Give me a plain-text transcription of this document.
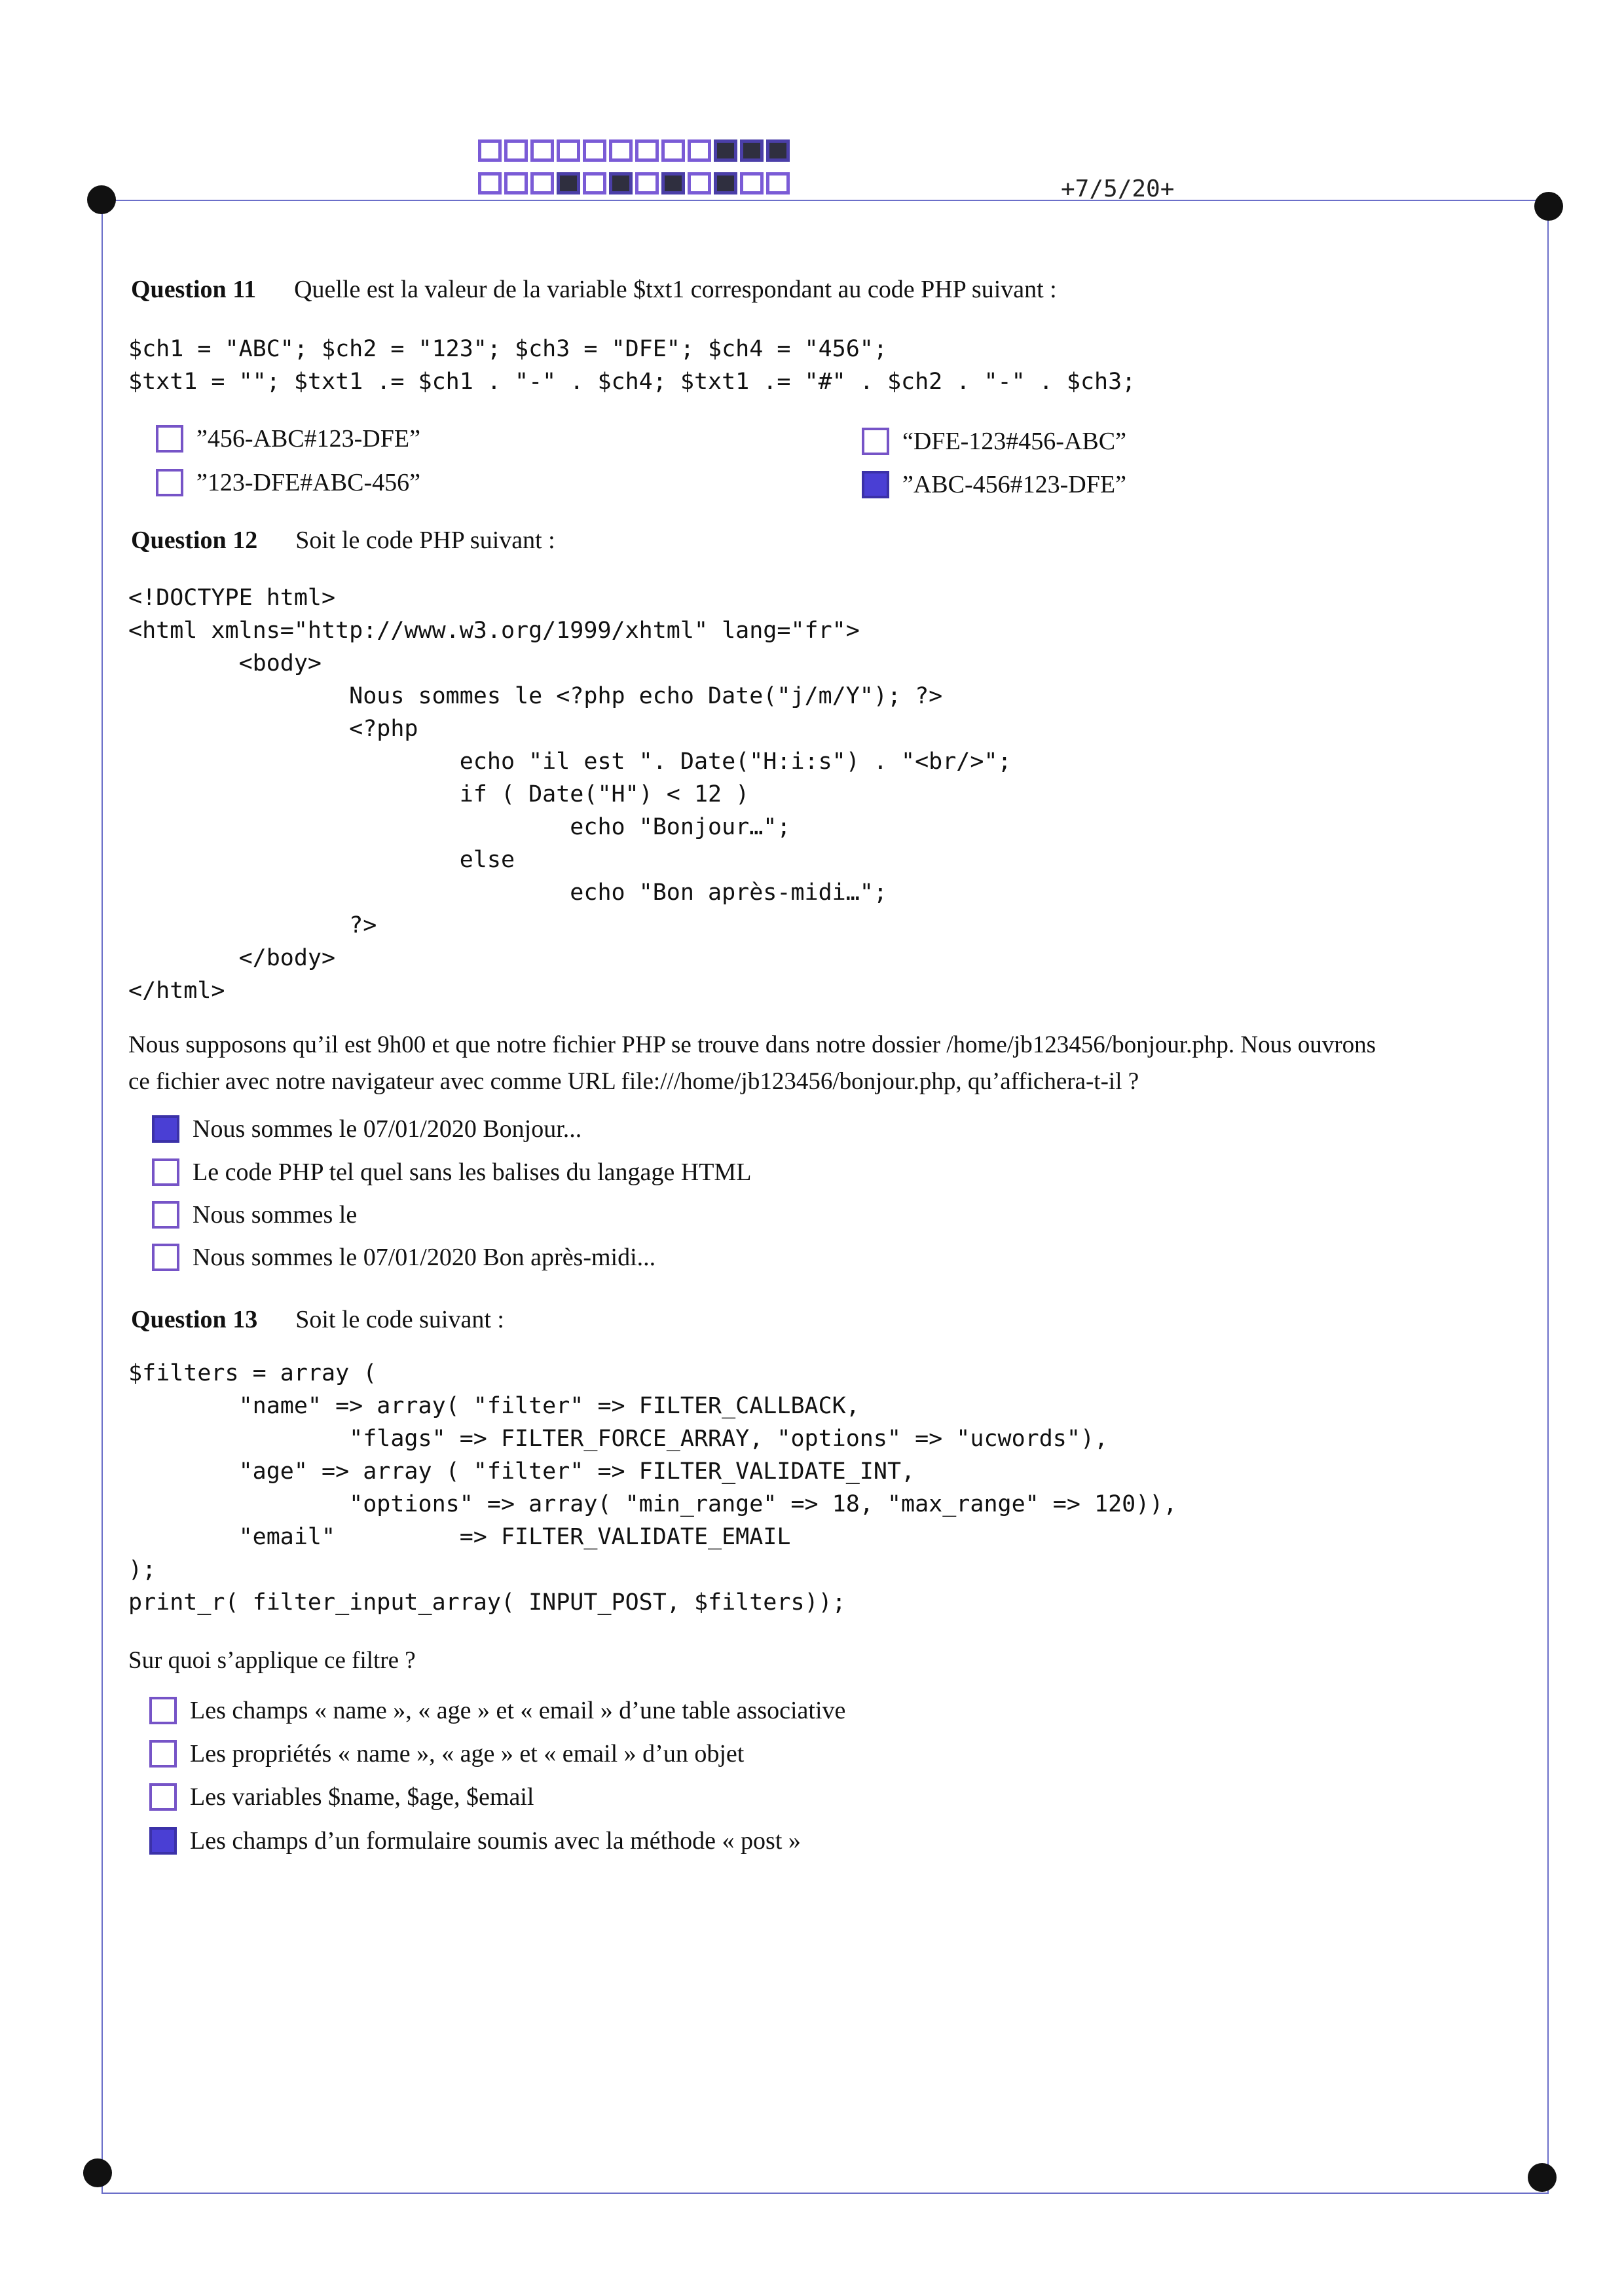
+7/5/20+
Question 11 Quelle est la valeur de la variable $txt1 correspondant au code PHP suivant :
$ch1 = "ABC"; $ch2 = "123"; $ch3 = "DFE"; $ch4 = "456";
$txt1 = ""; $txt1 .= $ch1 . "-" . $ch4; $txt1 .= "#" . $ch2 . "-" . $ch3;
”456-ABC#123-DFE”	“DFE-123#456-ABC”
”123-DFE#ABC-456”	”ABC-456#123-DFE”
Question 12 Soit le code PHP suivant :
<!DOCTYPE html>
<html xmlns="http://www.w3.org/1999/xhtml" lang="fr">
<body>
Nous sommes le <?php echo Date("j/m/Y"); ?>
<?php
echo "il est ". Date("H:i:s") . "<br/>";
if ( Date("H") < 12 )
echo "Bonjour…";
else
echo "Bon après-midi…";
?>
</body>
</html>
Nous supposons qu’il est 9h00 et que notre fichier PHP se trouve dans notre dossier /home/jb123456/bonjour.php. Nous ouvrons
ce fichier avec notre navigateur avec comme URL file:///home/jb123456/bonjour.php, qu’affichera-t-il ?
Nous sommes le 07/01/2020 Bonjour...
Le code PHP tel quel sans les balises du langage HTML
Nous sommes le
Nous sommes le 07/01/2020 Bon après-midi...
Question 13 Soit le code suivant :
$filters = array (
"name" => array( "filter" => FILTER_CALLBACK,
"flags" => FILTER_FORCE_ARRAY, "options" => "ucwords"),
"age" => array ( "filter" => FILTER_VALIDATE_INT,
"options" => array( "min_range" => 18, "max_range" => 120)),
"email"         => FILTER_VALIDATE_EMAIL
);
print_r( filter_input_array( INPUT_POST, $filters));
Sur quoi s’applique ce filtre ?
Les champs « name », « age » et « email » d’une table associative
Les propriétés « name », « age » et « email » d’un objet
Les variables $name, $age, $email
Les champs d’un formulaire soumis avec la méthode « post »
